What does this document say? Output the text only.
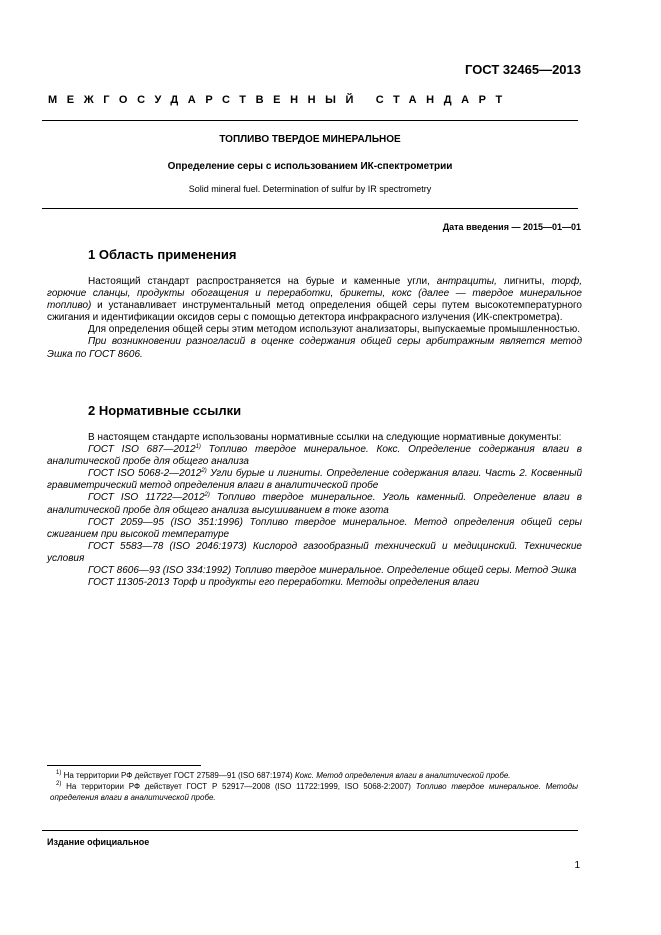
ГОСТ 32465—2013
МЕЖГОСУДАРСТВЕННЫЙ СТАНДАРТ
ТОПЛИВО ТВЕРДОЕ МИНЕРАЛЬНОЕ
Определение серы с использованием ИК-спектрометрии
Solid mineral fuel. Determination of sulfur by IR spectrometry
Дата введения — 2015—01—01
1 Область применения

Настоящий стандарт распространяется на бурые и каменные угли, антрациты, лигниты, торф, горючие сланцы, продукты обогащения и переработки, брикеты, кокс (далее — твердое минеральное топливо) и устанавливает инструментальный метод определения общей серы путем высокотемпературного сжигания и идентификации оксидов серы с помощью детектора инфракрасного излучения (ИК-спектрометра).

Для определения общей серы этим методом используют анализаторы, выпускаемые промышленностью.

При возникновении разногласий в оценке содержания общей серы арбитражным является метод Эшка по ГОСТ 8606.

2 Нормативные ссылки

В настоящем стандарте использованы нормативные ссылки на следующие нормативные документы:

ГОСТ ISO 687—2012$^{1)}$ Топливо твердое минеральное. Кокс. Определение содержания влаги в аналитической пробе для общего анализа

ГОСТ ISO 5068-2—2012$^{2)}$ Угли бурые и лигниты. Определение содержания влаги. Часть 2. Косвенный гравиметрический метод определения влаги в аналитической пробе

ГОСТ ISO 11722—2012$^{2)}$ Топливо твердое минеральное. Уголь каменный. Определение влаги в аналитической пробе для общего анализа высушиванием в токе азота

ГОСТ 2059—95 (ISO 351:1996) Топливо твердое минеральное. Метод определения общей серы сжиганием при высокой температуре

ГОСТ 5583—78 (ISO 2046:1973) Кислород газообразный технический и медицинский. Технические условия

ГОСТ 8606—93 (ISO 334:1992) Топливо твердое минеральное. Определение общей серы. Метод Эшка

ГОСТ 11305-2013 Торф и продукты его переработки. Методы определения влаги

$^{1)}$ На территории РФ действует ГОСТ 27589—91 (ISO 687:1974) Кокс. Метод определения влаги в аналитической пробе.

$^{2)}$ На территории РФ действует ГОСТ Р 52917—2008 (ISO 11722:1999, ISO 5068-2:2007) Топливо твердое минеральное. Методы определения влаги в аналитической пробе.

Издание официальное
1
